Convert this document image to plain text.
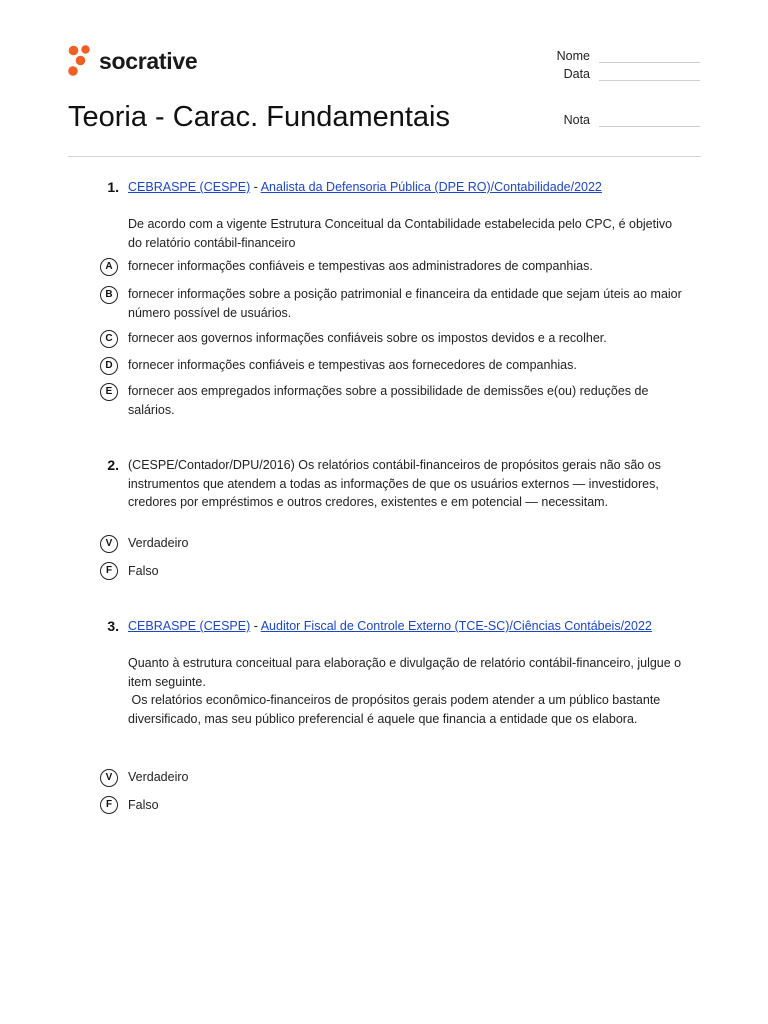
socrative	Nome
Data
Teoria - Carac. Fundamentais	Nota
1. CEBRASPE (CESPE) - Analista da Defensoria Pública (DPE RO)/Contabilidade/2022
De acordo com a vigente Estrutura Conceitual da Contabilidade estabelecida pelo CPC, é objetivo do relatório contábil-financeiro
A	fornecer informações confiáveis e tempestivas aos administradores de companhias.
B	fornecer informações sobre a posição patrimonial e financeira da entidade que sejam úteis ao maior número possível de usuários.
C	fornecer aos governos informações confiáveis sobre os impostos devidos e a recolher.
D	fornecer informações confiáveis e tempestivas aos fornecedores de companhias.
E	fornecer aos empregados informações sobre a possibilidade de demissões e(ou) reduções de salários.
2. (CESPE/Contador/DPU/2016) Os relatórios contábil-financeiros de propósitos gerais não são os instrumentos que atendem a todas as informações de que os usuários externos — investidores, credores por empréstimos e outros credores, existentes e em potencial — necessitam.
V	Verdadeiro
F	Falso
3. CEBRASPE (CESPE) - Auditor Fiscal de Controle Externo (TCE-SC)/Ciências Contábeis/2022
Quanto à estrutura conceitual para elaboração e divulgação de relatório contábil-financeiro, julgue o item seguinte.
Os relatórios econômico-financeiros de propósitos gerais podem atender a um público bastante diversificado, mas seu público preferencial é aquele que financia a entidade que os elabora.
V	Verdadeiro
F	Falso
